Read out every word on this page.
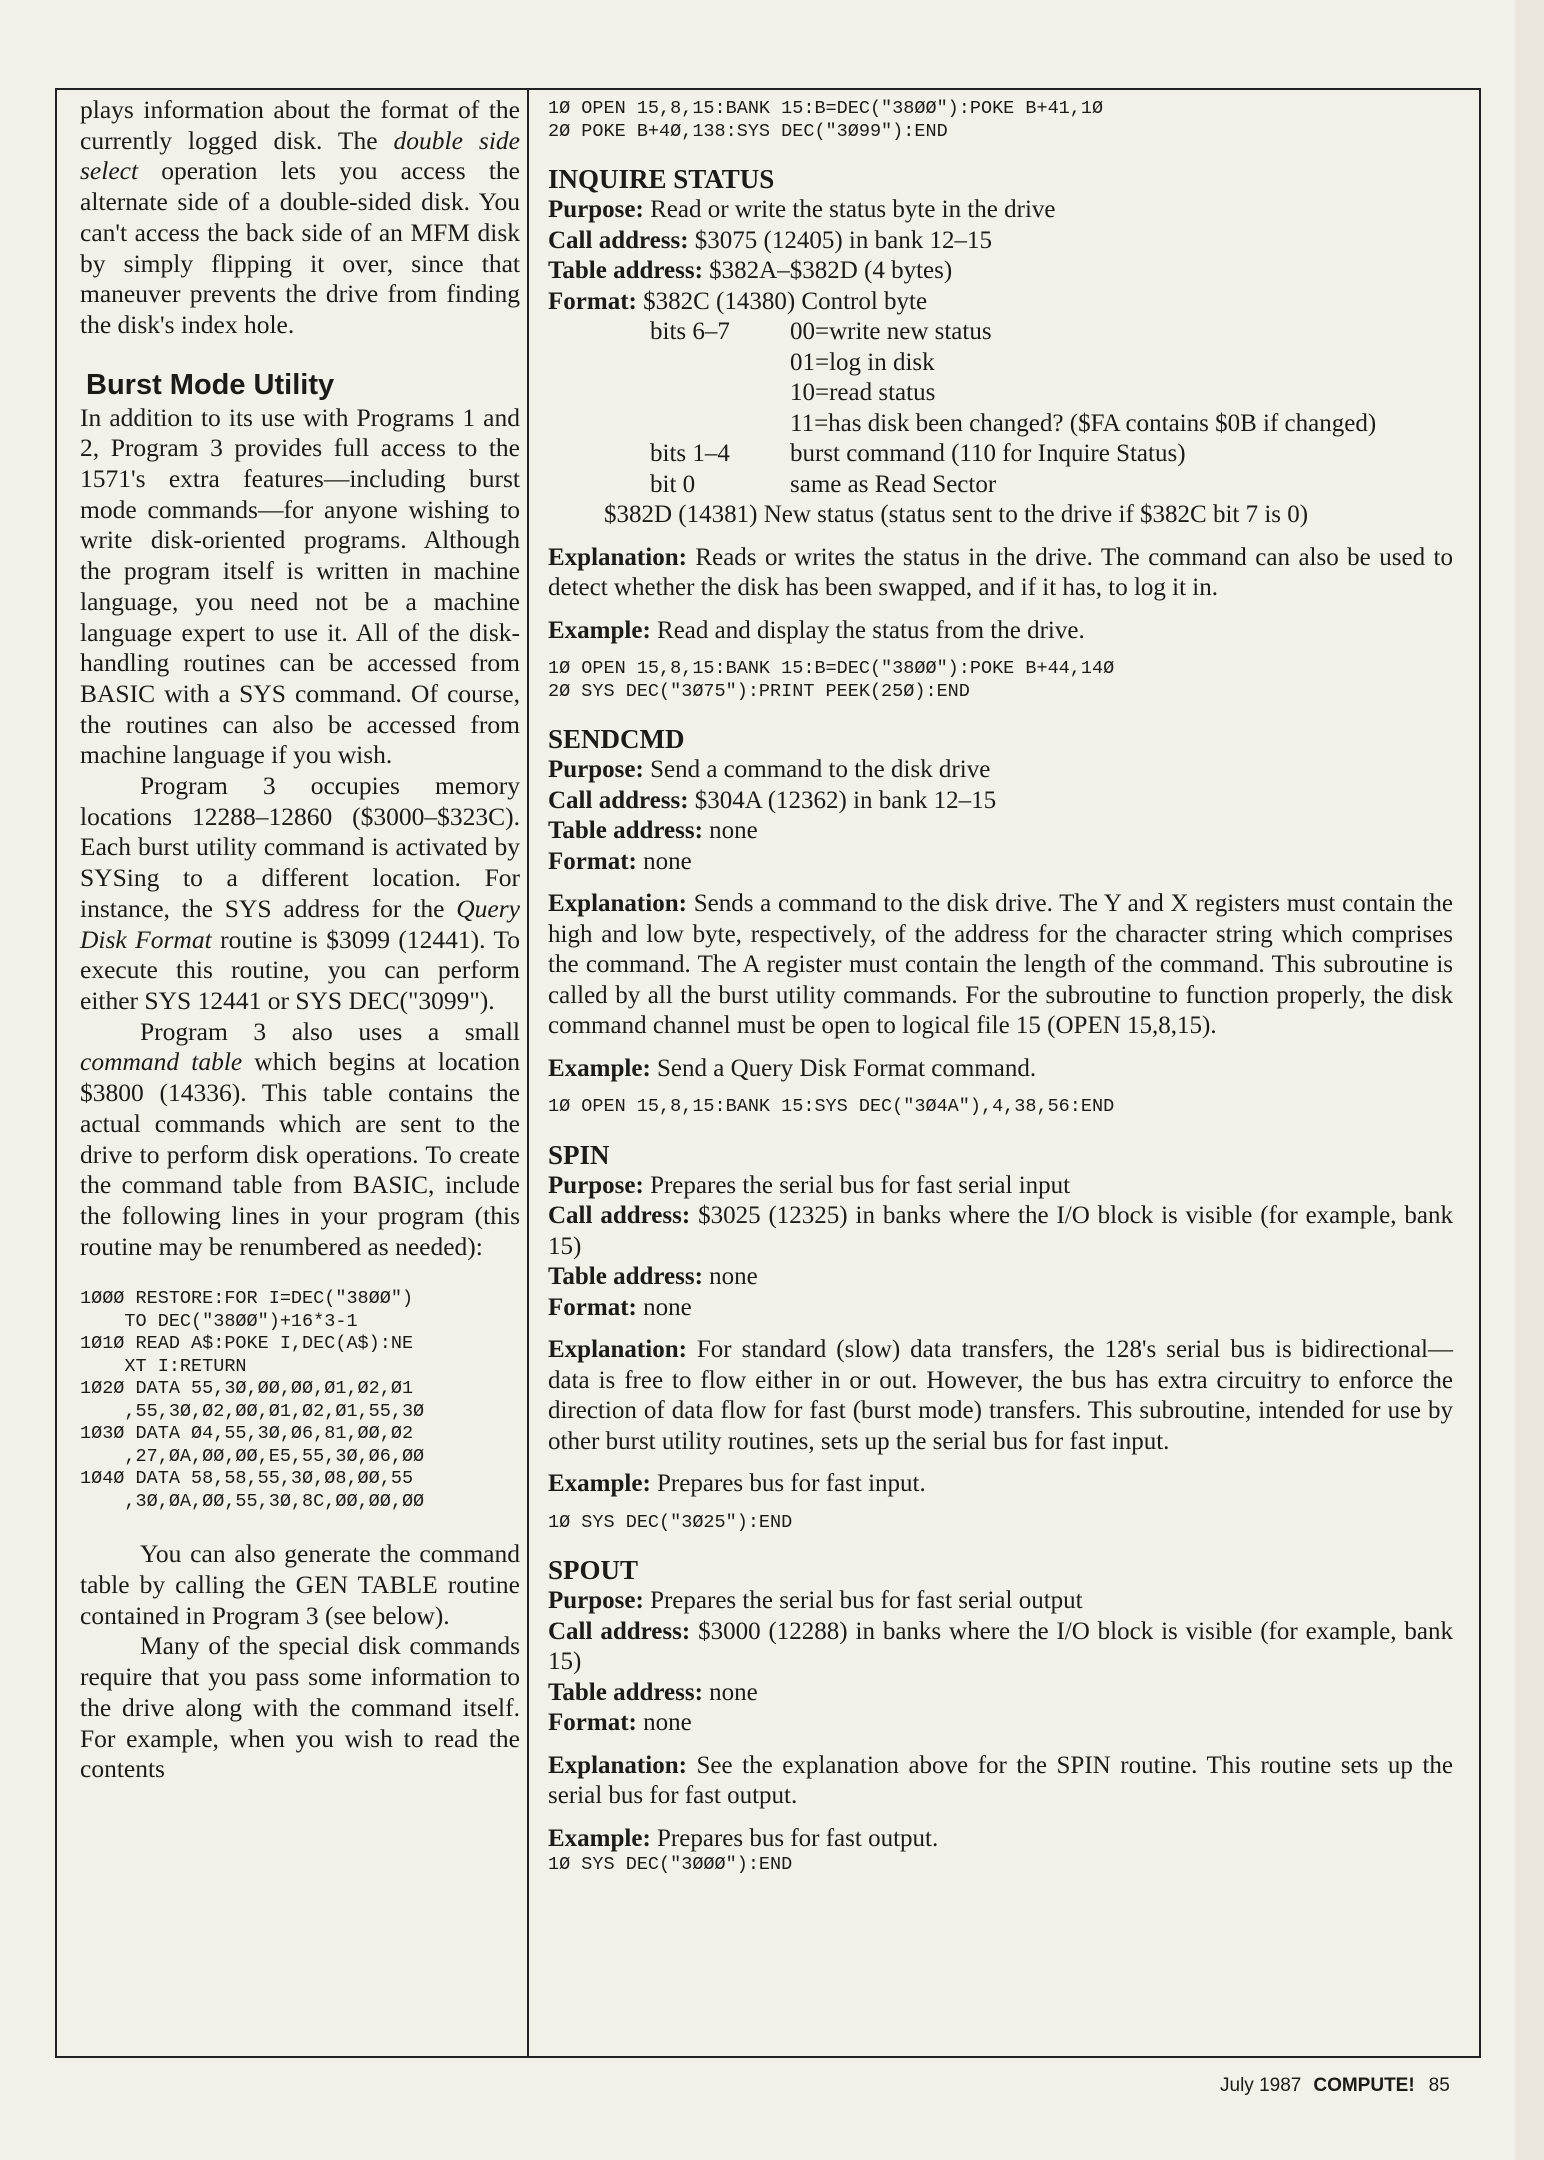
plays information about the format of the currently logged disk. The double side select operation lets you access the alternate side of a double-sided disk. You can't access the back side of an MFM disk by simply flipping it over, since that maneuver prevents the drive from finding the disk's index hole.

Burst Mode Utility

In addition to its use with Programs 1 and 2, Program 3 provides full access to the 1571's extra features—including burst mode commands—for anyone wishing to write disk-oriented programs. Although the program itself is written in machine language, you need not be a machine language expert to use it. All of the disk-handling routines can be accessed from BASIC with a SYS command. Of course, the routines can also be accessed from machine language if you wish.

Program 3 occupies memory locations 12288–12860 ($3000–$323C). Each burst utility command is activated by SYSing to a different location. For instance, the SYS address for the Query Disk Format routine is $3099 (12441). To execute this routine, you can perform either SYS 12441 or SYS DEC("3099").

Program 3 also uses a small command table which begins at location $3800 (14336). This table contains the actual commands which are sent to the drive to perform disk operations. To create the command table from BASIC, include the following lines in your program (this routine may be renumbered as needed):

1ØØØ RESTORE:FOR I=DEC("38ØØ")
TO DEC("38ØØ")+16*3-1
1Ø1Ø READ A$:POKE I,DEC(A$):NE
XT I:RETURN
1Ø2Ø DATA 55,3Ø,ØØ,ØØ,Ø1,Ø2,Ø1
,55,3Ø,Ø2,ØØ,Ø1,Ø2,Ø1,55,3Ø
1Ø3Ø DATA Ø4,55,3Ø,Ø6,81,ØØ,Ø2
,27,ØA,ØØ,ØØ,E5,55,3Ø,Ø6,ØØ
1Ø4Ø DATA 58,58,55,3Ø,Ø8,ØØ,55
,3Ø,ØA,ØØ,55,3Ø,8C,ØØ,ØØ,ØØ

You can also generate the command table by calling the GEN TABLE routine contained in Program 3 (see below).

Many of the special disk commands require that you pass some information to the drive along with the command itself. For example, when you wish to read the contents

1Ø OPEN 15,8,15:BANK 15:B=DEC("38ØØ"):POKE B+41,1Ø
2Ø POKE B+4Ø,138:SYS DEC("3Ø99"):END
INQUIRE STATUS
Purpose: Read or write the status byte in the drive
Call address: $3075 (12405) in bank 12–15
Table address: $382A–$382D (4 bytes)
Format: $382C (14380) Control byte
bits 6–7	00=write new status
01=log in disk
10=read status
11=has disk been changed? ($FA contains $0B if changed)
bits 1–4	burst command (110 for Inquire Status)
bit 0	same as Read Sector
$382D (14381) New status (status sent to the drive if $382C bit 7 is 0)

Explanation: Reads or writes the status in the drive. The command can also be used to detect whether the disk has been swapped, and if it has, to log it in.

Example: Read and display the status from the drive.

1Ø OPEN 15,8,15:BANK 15:B=DEC("38ØØ"):POKE B+44,14Ø
2Ø SYS DEC("3Ø75"):PRINT PEEK(25Ø):END
SENDCMD
Purpose: Send a command to the disk drive
Call address: $304A (12362) in bank 12–15
Table address: none
Format: none

Explanation: Sends a command to the disk drive. The Y and X registers must contain the high and low byte, respectively, of the address for the character string which comprises the command. The A register must contain the length of the command. This subroutine is called by all the burst utility commands. For the subroutine to function properly, the disk command channel must be open to logical file 15 (OPEN 15,8,15).

Example: Send a Query Disk Format command.

1Ø OPEN 15,8,15:BANK 15:SYS DEC("3Ø4A"),4,38,56:END
SPIN
Purpose: Prepares the serial bus for fast serial input
Call address: $3025 (12325) in banks where the I/O block is visible (for example, bank 15)
Table address: none
Format: none

Explanation: For standard (slow) data transfers, the 128's serial bus is bidirectional—data is free to flow either in or out. However, the bus has extra circuitry to enforce the direction of data flow for fast (burst mode) transfers. This subroutine, intended for use by other burst utility routines, sets up the serial bus for fast input.

Example: Prepares bus for fast input.

1Ø SYS DEC("3Ø25"):END
SPOUT
Purpose: Prepares the serial bus for fast serial output
Call address: $3000 (12288) in banks where the I/O block is visible (for example, bank 15)
Table address: none
Format: none

Explanation: See the explanation above for the SPIN routine. This routine sets up the serial bus for fast output.

Example: Prepares bus for fast output.

1Ø SYS DEC("3ØØØ"):END
July 1987 COMPUTE! 85
